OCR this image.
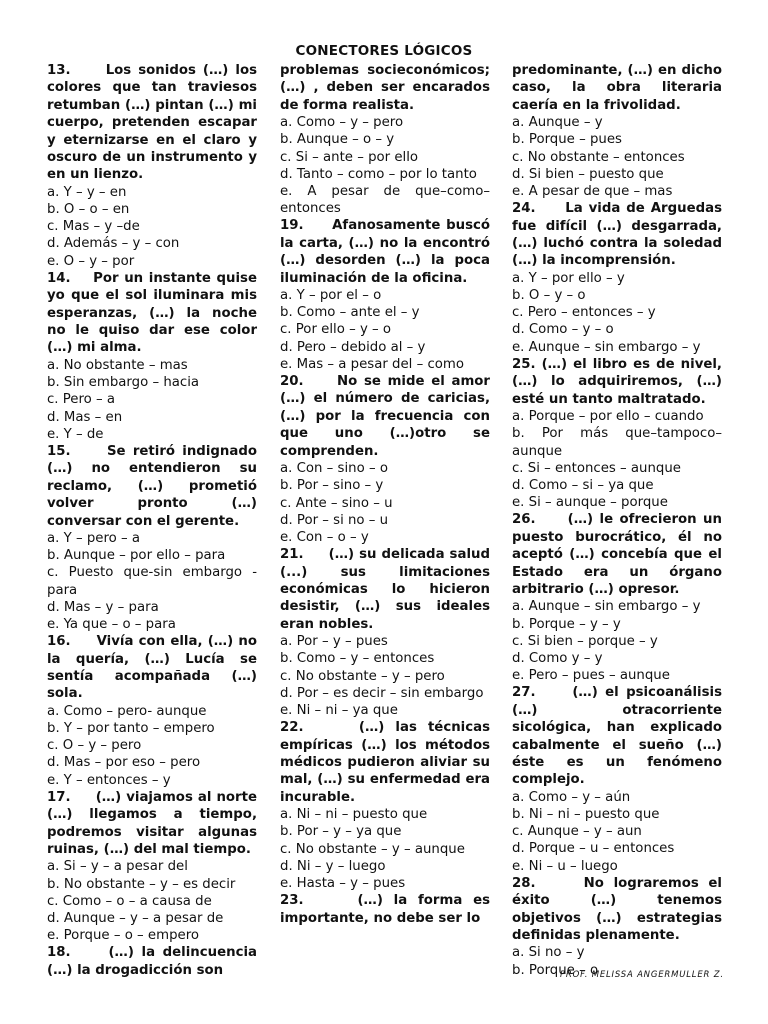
CONECTORES LÓGICOS

13.     Los sonidos (…) los colores que tan traviesos retumban (…) pintan (…) mi cuerpo, pretenden escapar y eternizarse en el claro y oscuro de un instrumento y en un lienzo.

a. Y – y – en

b. O – o – en

c. Mas – y –de

d. Además – y – con

e. O – y – por

14.    Por un instante quise yo que el sol iluminara mis esperanzas, (…) la noche no le quiso dar ese color (…) mi alma.

a. No obstante – mas

b. Sin embargo – hacia

c. Pero – a

d. Mas – en

e. Y – de

15.     Se retiró indignado (…) no entendieron su reclamo, (…) prometió volver pronto (…) conversar con el gerente.

a. Y – pero – a

b. Aunque – por ello – para

c. Puesto que-sin embargo -para

d. Mas – y – para

e. Ya que – o – para

16.     Vivía con ella, (…) no la quería, (…) Lucía se sentía acompañada (…) sola.

a. Como – pero- aunque

b. Y – por tanto – empero

c. O – y – pero

d. Mas – por eso – pero

e. Y – entonces – y

17.     (…) viajamos al norte (…) llegamos a tiempo, podremos visitar algunas ruinas, (…) del mal tiempo.

a. Si – y – a pesar del

b. No obstante – y – es decir

c. Como – o – a causa de

d. Aunque – y – a pesar de

e. Porque – o – empero

18.     (…) la delincuencia (…) la drogadicción son

problemas socieconómicos; (…) , deben ser encarados de forma realista.

a. Como – y – pero

b. Aunque – o – y

c. Si – ante – por ello

d. Tanto – como – por lo tanto

e. A pesar de que–como–entonces

19.     Afanosamente buscó la carta, (…) no la encontró (…) desorden (…) la poca iluminación de la oficina.

a. Y – por el – o

b. Como – ante el – y

c. Por ello – y – o

d. Pero – debido al – y

e. Mas – a pesar del – como

20.     No se mide el amor (…) el número de caricias, (…) por la frecuencia con que uno (…)otro se comprenden.

a. Con – sino – o

b. Por – sino – y

c. Ante – sino – u

d. Por – si no – u

e. Con – o – y

21.     (…) su delicada salud (...) sus limitaciones económicas lo hicieron desistir, (…) sus ideales eran nobles.

a. Por – y – pues

b. Como – y – entonces

c. No obstante – y – pero

d. Por – es decir – sin embargo

e. Ni – ni – ya que

22.     (…) las técnicas empíricas (…) los métodos médicos pudieron aliviar su mal, (…) su enfermedad era incurable.

a. Ni – ni – puesto que

b. Por – y – ya que

c. No obstante – y – aunque

d. Ni – y – luego

e. Hasta – y – pues

23.     (…) la forma es importante, no debe ser lo

predominante, (…) en dicho caso, la obra literaria caería en la frivolidad.

a. Aunque – y

b. Porque – pues

c. No obstante – entonces

d. Si bien – puesto que

e. A pesar de que – mas

24.     La vida de Arguedas fue difícil (…) desgarrada, (…) luchó contra la soledad (…) la incomprensión.

a. Y – por ello – y

b. O – y – o

c. Pero – entonces – y

d. Como – y – o

e. Aunque – sin embargo – y

25. (…) el libro es de nivel, (…) lo adquiriremos, (…) esté un tanto maltratado.

a. Porque – por ello – cuando

b. Por más que–tampoco–aunque

c. Si – entonces – aunque

d. Como – si – ya que

e. Si – aunque – porque

26.     (…) le ofrecieron un puesto burocrático, él no aceptó (…) concebía que el Estado era un órgano arbitrario (…) opresor.

a. Aunque – sin embargo – y

b. Porque – y – y

c. Si bien – porque – y

d. Como y – y

e. Pero – pues – aunque

27.     (…) el psicoanálisis (…) otracorriente sicológica, han explicado cabalmente el sueño (…) éste es un fenómeno complejo.

a. Como – y – aún

b. Ni – ni – puesto que

c. Aunque – y – aun

d. Porque – u – entonces

e. Ni – u – luego

28.     No lograremos el éxito (…) tenemos objetivos (…) estrategias definidas plenamente.

a. Si no – y

b. Porque – o

PROF. MELISSA ANGERMULLER Z.
